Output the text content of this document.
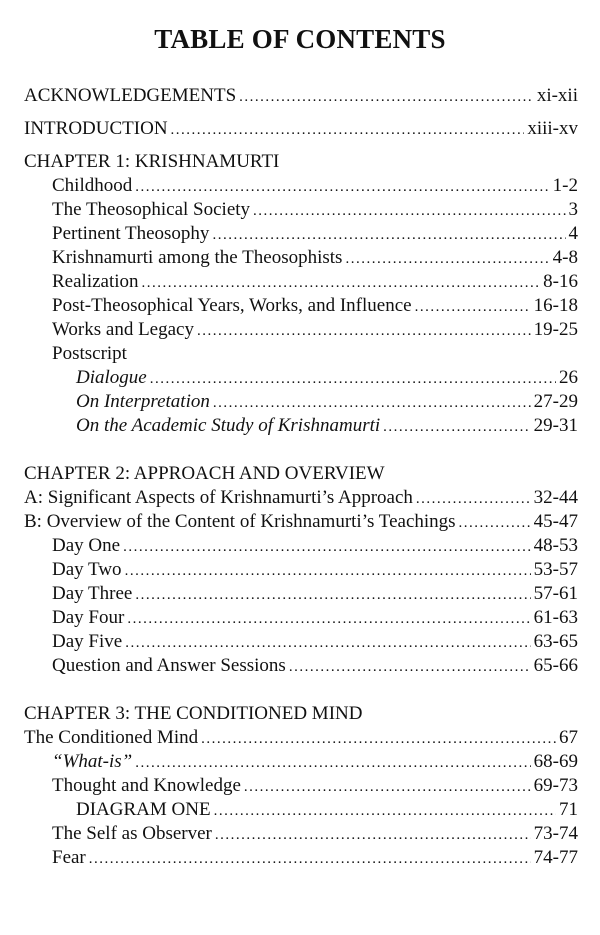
TABLE OF CONTENTS
ACKNOWLEDGEMENTS .....	xi-xii
INTRODUCTION .....	xiii-xv
CHAPTER 1: KRISHNAMURTI
Childhood .....	1-2
The Theosophical Society .....	3
Pertinent Theosophy .....	4
Krishnamurti among the Theosophists .....	4-8
Realization .....	8-16
Post-Theosophical Years, Works, and Influence .....	16-18
Works and Legacy .....	19-25
Postscript
Dialogue .....	26
On Interpretation .....	27-29
On the Academic Study of Krishnamurti .....	29-31
CHAPTER 2: APPROACH AND OVERVIEW
A: Significant Aspects of Krishnamurti’s Approach .....	32-44
B: Overview of the Content of Krishnamurti’s Teachings .....	45-47
Day One .....	48-53
Day Two .....	53-57
Day Three .....	57-61
Day Four .....	61-63
Day Five .....	63-65
Question and Answer Sessions .....	65-66
CHAPTER 3: THE CONDITIONED MIND
The Conditioned Mind .....	67
“What-is” .....	68-69
Thought and Knowledge .....	69-73
DIAGRAM ONE .....	71
The Self as Observer .....	73-74
Fear .....	74-77
